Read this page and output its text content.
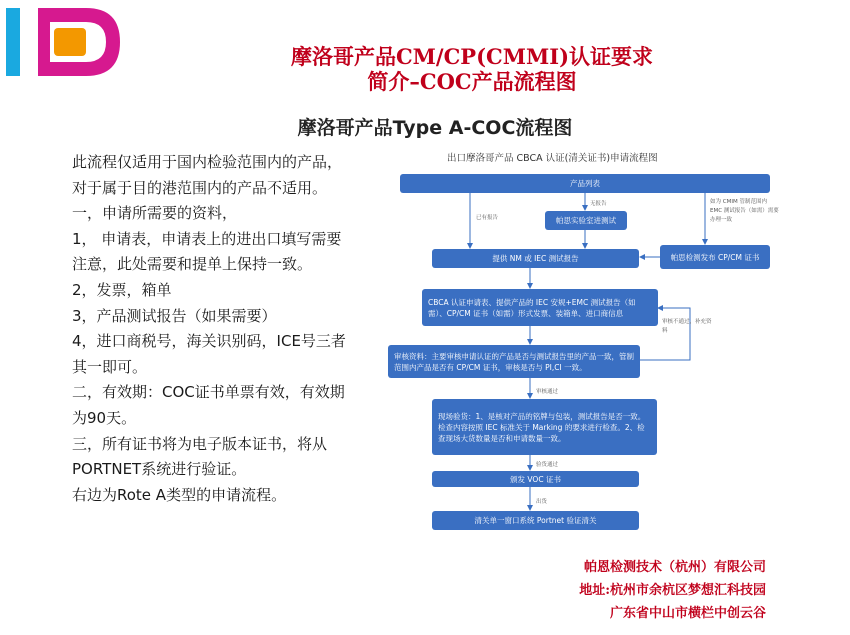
摩洛哥产品CM/CP(CMMI)认证要求
简介–COC产品流程图
摩洛哥产品Type A-COC流程图
此流程仅适用于国内检验范围内的产品，
对于属于目的港范围内的产品不适用。
一，申请所需要的资料，
1， 申请表，申请表上的进出口填写需要
注意，此处需要和提单上保持一致。
2，发票，箱单
3，产品测试报告（如果需要）
4，进口商税号，海关识别码，ICE号三者
其一即可。
二，有效期：COC证书单票有效，有效期
为90天。
三，所有证书将为电子版本证书，将从
PORTNET系统进行验证。
右边为Rote A类型的申请流程。
出口摩洛哥产品 CBCA 认证(清关证书)申请流程图
产品列表
帕思实验室进测试
提供 NM 或 IEC 测试报告	帕思检测发布 CP/CM 证书
CBCA 认证申请表、提供产品的 IEC 安规+EMC 测试报告（如需）、CP/CM 证书（如需）形式发票、装箱单、进口商信息
审核资料：主要审核申请认证的产品是否与测试报告里的产品一致，管制范围内产品是否有 CP/CM 证书，审核是否与 PI,CI 一致。
现场验货：1、是核对产品的铭牌与包装，测试报告是否一致。检查内容按照 IEC 标准关于 Marking 的要求进行检查。2、检查现场大货数量是否和申请数量一致。
颁发 VOC 证书
清关单一窗口系统 Portnet 验证清关
无报告
已有报告
如为 CMIM 管制范围内 EMC 测试报告（如需）需要办理一致
审核不通过，补充资料
审核通过
验货通过
出货
帕恩检测技术（杭州）有限公司
地址:杭州市余杭区梦想汇科技园
广东省中山市横栏中创云谷
